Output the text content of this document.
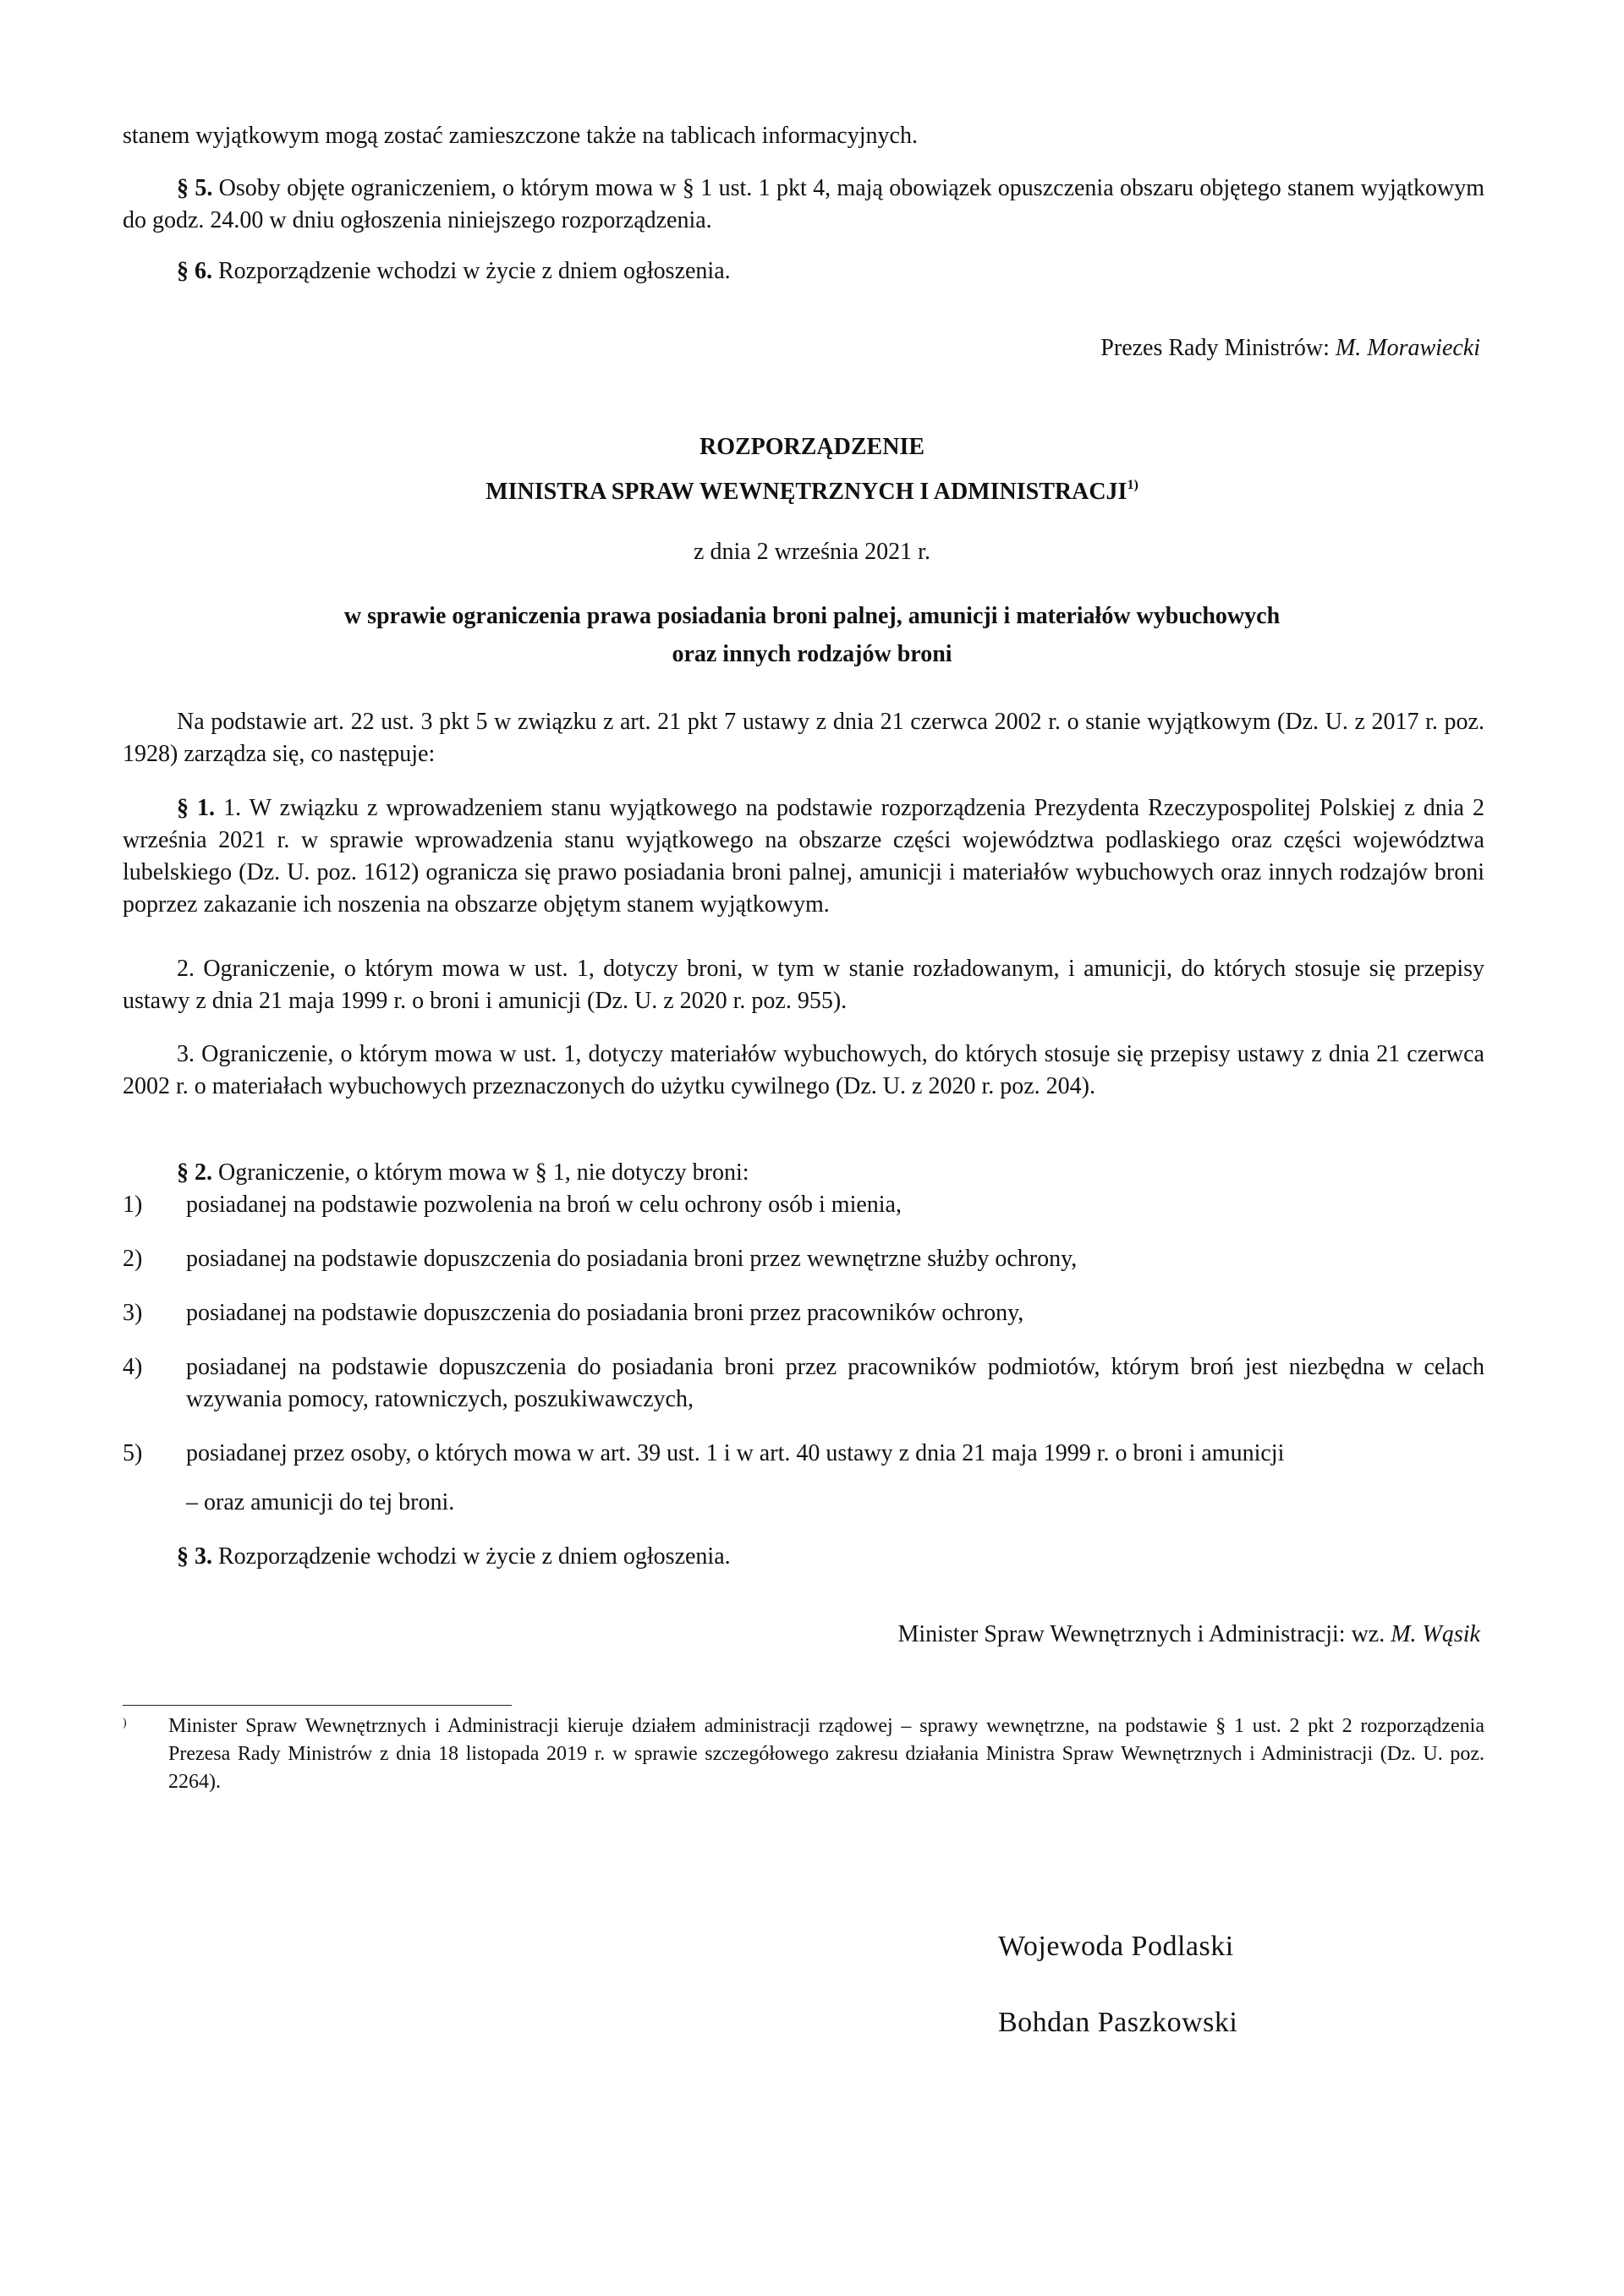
stanem wyjątkowym mogą zostać zamieszczone także na tablicach informacyjnych.

§ 5. Osoby objęte ograniczeniem, o którym mowa w § 1 ust. 1 pkt 4, mają obowiązek opuszczenia obszaru objętego stanem wyjątkowym do godz. 24.00 w dniu ogłoszenia niniejszego rozporządzenia.

§ 6. Rozporządzenie wchodzi w życie z dniem ogłoszenia.

Prezes Rady Ministrów: M. Morawiecki

ROZPORZĄDZENIE

MINISTRA SPRAW WEWNĘTRZNYCH I ADMINISTRACJI$^{1)}$

z dnia 2 września 2021 r.

w sprawie ograniczenia prawa posiadania broni palnej, amunicji i materiałów wybuchowych

oraz innych rodzajów broni

Na podstawie art. 22 ust. 3 pkt 5 w związku z art. 21 pkt 7 ustawy z dnia 21 czerwca 2002 r. o stanie wyjątkowym (Dz. U. z 2017 r. poz. 1928) zarządza się, co następuje:

§ 1. 1. W związku z wprowadzeniem stanu wyjątkowego na podstawie rozporządzenia Prezydenta Rzeczypospolitej Polskiej z dnia 2 września 2021 r. w sprawie wprowadzenia stanu wyjątkowego na obszarze części województwa podlaskiego oraz części województwa lubelskiego (Dz. U. poz. 1612) ogranicza się prawo posiadania broni palnej, amunicji i materiałów wybuchowych oraz innych rodzajów broni poprzez zakazanie ich noszenia na obszarze objętym stanem wyjątkowym.

2. Ograniczenie, o którym mowa w ust. 1, dotyczy broni, w tym w stanie rozładowanym, i amunicji, do których stosuje się przepisy ustawy z dnia 21 maja 1999 r. o broni i amunicji (Dz. U. z 2020 r. poz. 955).

3. Ograniczenie, o którym mowa w ust. 1, dotyczy materiałów wybuchowych, do których stosuje się przepisy ustawy z dnia 21 czerwca 2002 r. o materiałach wybuchowych przeznaczonych do użytku cywilnego (Dz. U. z 2020 r. poz. 204).

§ 2. Ograniczenie, o którym mowa w § 1, nie dotyczy broni:

1) posiadanej na podstawie pozwolenia na broń w celu ochrony osób i mienia,

2) posiadanej na podstawie dopuszczenia do posiadania broni przez wewnętrzne służby ochrony,

3) posiadanej na podstawie dopuszczenia do posiadania broni przez pracowników ochrony,

4) posiadanej na podstawie dopuszczenia do posiadania broni przez pracowników podmiotów, którym broń jest niezbędna w celach wzywania pomocy, ratowniczych, poszukiwawczych,

5) posiadanej przez osoby, o których mowa w art. 39 ust. 1 i w art. 40 ustawy z dnia 21 maja 1999 r. o broni i amunicji

– oraz amunicji do tej broni.

§ 3. Rozporządzenie wchodzi w życie z dniem ogłoszenia.

Minister Spraw Wewnętrznych i Administracji: wz. M. Wąsik

) Minister Spraw Wewnętrznych i Administracji kieruje działem administracji rządowej – sprawy wewnętrzne, na podstawie § 1 ust. 2 pkt 2 rozporządzenia Prezesa Rady Ministrów z dnia 18 listopada 2019 r. w sprawie szczegółowego zakresu działania Ministra Spraw Wewnętrznych i Administracji (Dz. U. poz. 2264).
Wojewoda Podlaski
Bohdan Paszkowski
